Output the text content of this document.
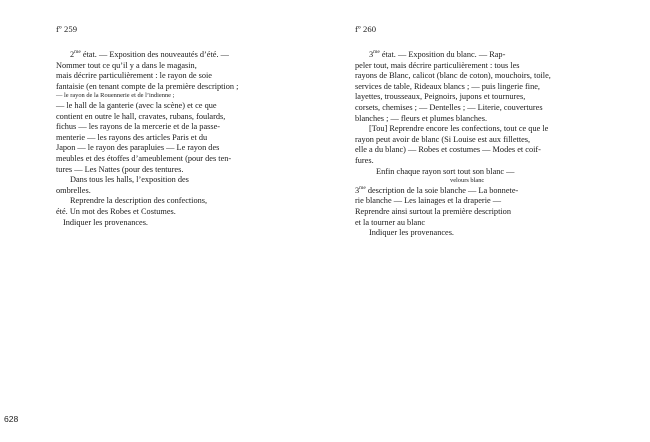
fº 259
$2^{me}$ état. — Exposition des nouveautés d’été. —
Nommer tout ce qu’il y a dans le magasin,
mais décrire particulièrement : le rayon de soie
fantaisie (en tenant compte de la première description ;
— le rayon de la Rouennerie et de l’indienne ;
— le hall de la ganterie (avec la scène) et ce que
contient en outre le hall, cravates, rubans, foulards,
fichus — les rayons de la mercerie et de la passe-
menterie — les rayons des articles Paris et du
Japon — le rayon des parapluies — Le rayon des
meubles et des étoffes d’ameublement (pour des ten-
tures — Les Nattes (pour des tentures.
Dans tous les halls, l’exposition des
ombrelles.
Reprendre la description des confections,
été. Un mot des Robes et Costumes.
Indiquer les provenances.
fº 260
$3^{me}$ état. — Exposition du blanc. — Rap-
peler tout, mais décrire particulièrement : tous les
rayons de Blanc, calicot (blanc de coton), mouchoirs, toile,
services de table, Rideaux blancs ; — puis lingerie fine,
layettes, trousseaux, Peignoirs, jupons et tournures,
corsets, chemises ; — Dentelles ; — Literie, couvertures
blanches ; — fleurs et plumes blanches.
[Tou] Reprendre encore les confections, tout ce que le
rayon peut avoir de blanc (Si Louise est aux fillettes,
elle a du blanc) — Robes et costumes — Modes et coif-
fures.
Enfin chaque rayon sort tout son blanc —
velours blanc
$3^{me}$ description de la soie blanche — La bonnete-
rie blanche — Les lainages et la draperie —
Reprendre ainsi surtout la première description
et la tourner au blanc
Indiquer les provenances.
628
